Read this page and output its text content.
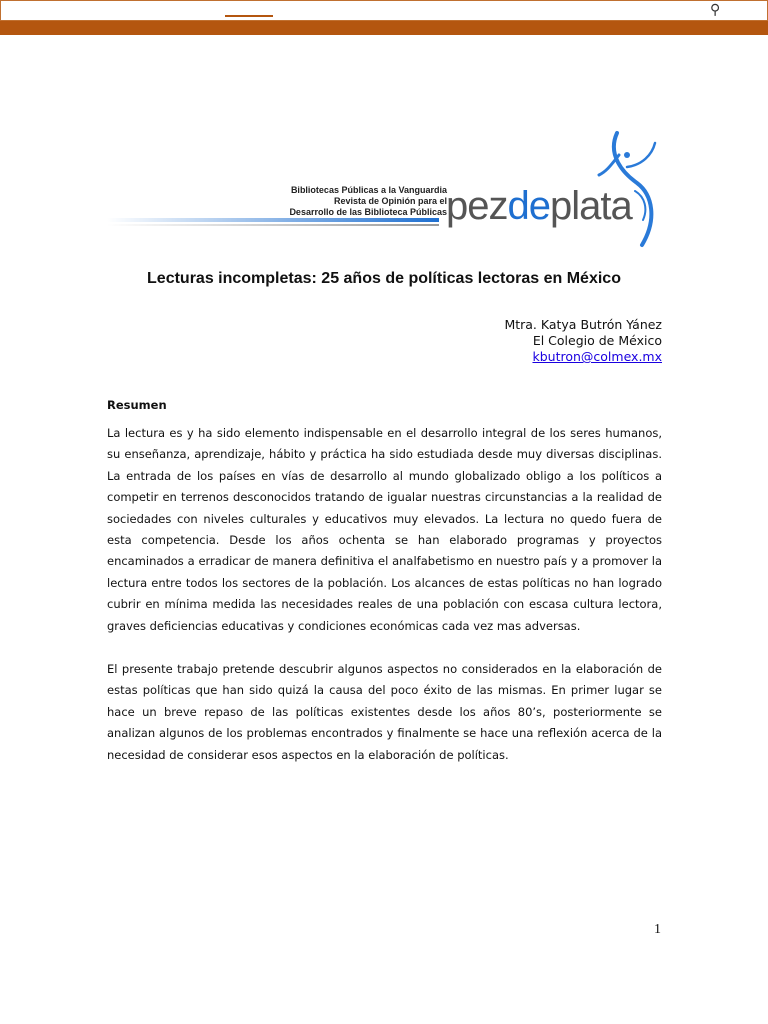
⚲
Bibliotecas Públicas a la Vanguardia
Revista de Opinión para el
Desarrollo de las Biblioteca Públicas pezdeplata
Lecturas incompletas: 25 años de políticas lectoras en México
Mtra. Katya Butrón Yánez
El Colegio de México
kbutron@colmex.mx
Resumen

La lectura es y ha sido elemento indispensable en el desarrollo integral de los seres humanos, su enseñanza, aprendizaje, hábito y práctica ha sido estudiada desde muy diversas disciplinas. La entrada de los países en vías de desarrollo al mundo globalizado obligo a los políticos a competir en terrenos desconocidos tratando de igualar nuestras circunstancias a la realidad de sociedades con niveles culturales y educativos muy elevados. La lectura no quedo fuera de esta competencia. Desde los años ochenta se han elaborado programas y proyectos encaminados a erradicar de manera definitiva el analfabetismo en nuestro país y a promover la lectura entre todos los sectores de la población. Los alcances de estas políticas no han logrado cubrir en mínima medida las necesidades reales de una población con escasa cultura lectora, graves deficiencias educativas y condiciones económicas cada vez mas adversas.

El presente trabajo pretende descubrir algunos aspectos no considerados en la elaboración de estas políticas que han sido quizá la causa del poco éxito de las mismas. En primer lugar se hace un breve repaso de las políticas existentes desde los años 80’s, posteriormente se analizan algunos de los problemas encontrados y finalmente se hace una reflexión acerca de la necesidad de considerar esos aspectos en la elaboración de políticas.

1
